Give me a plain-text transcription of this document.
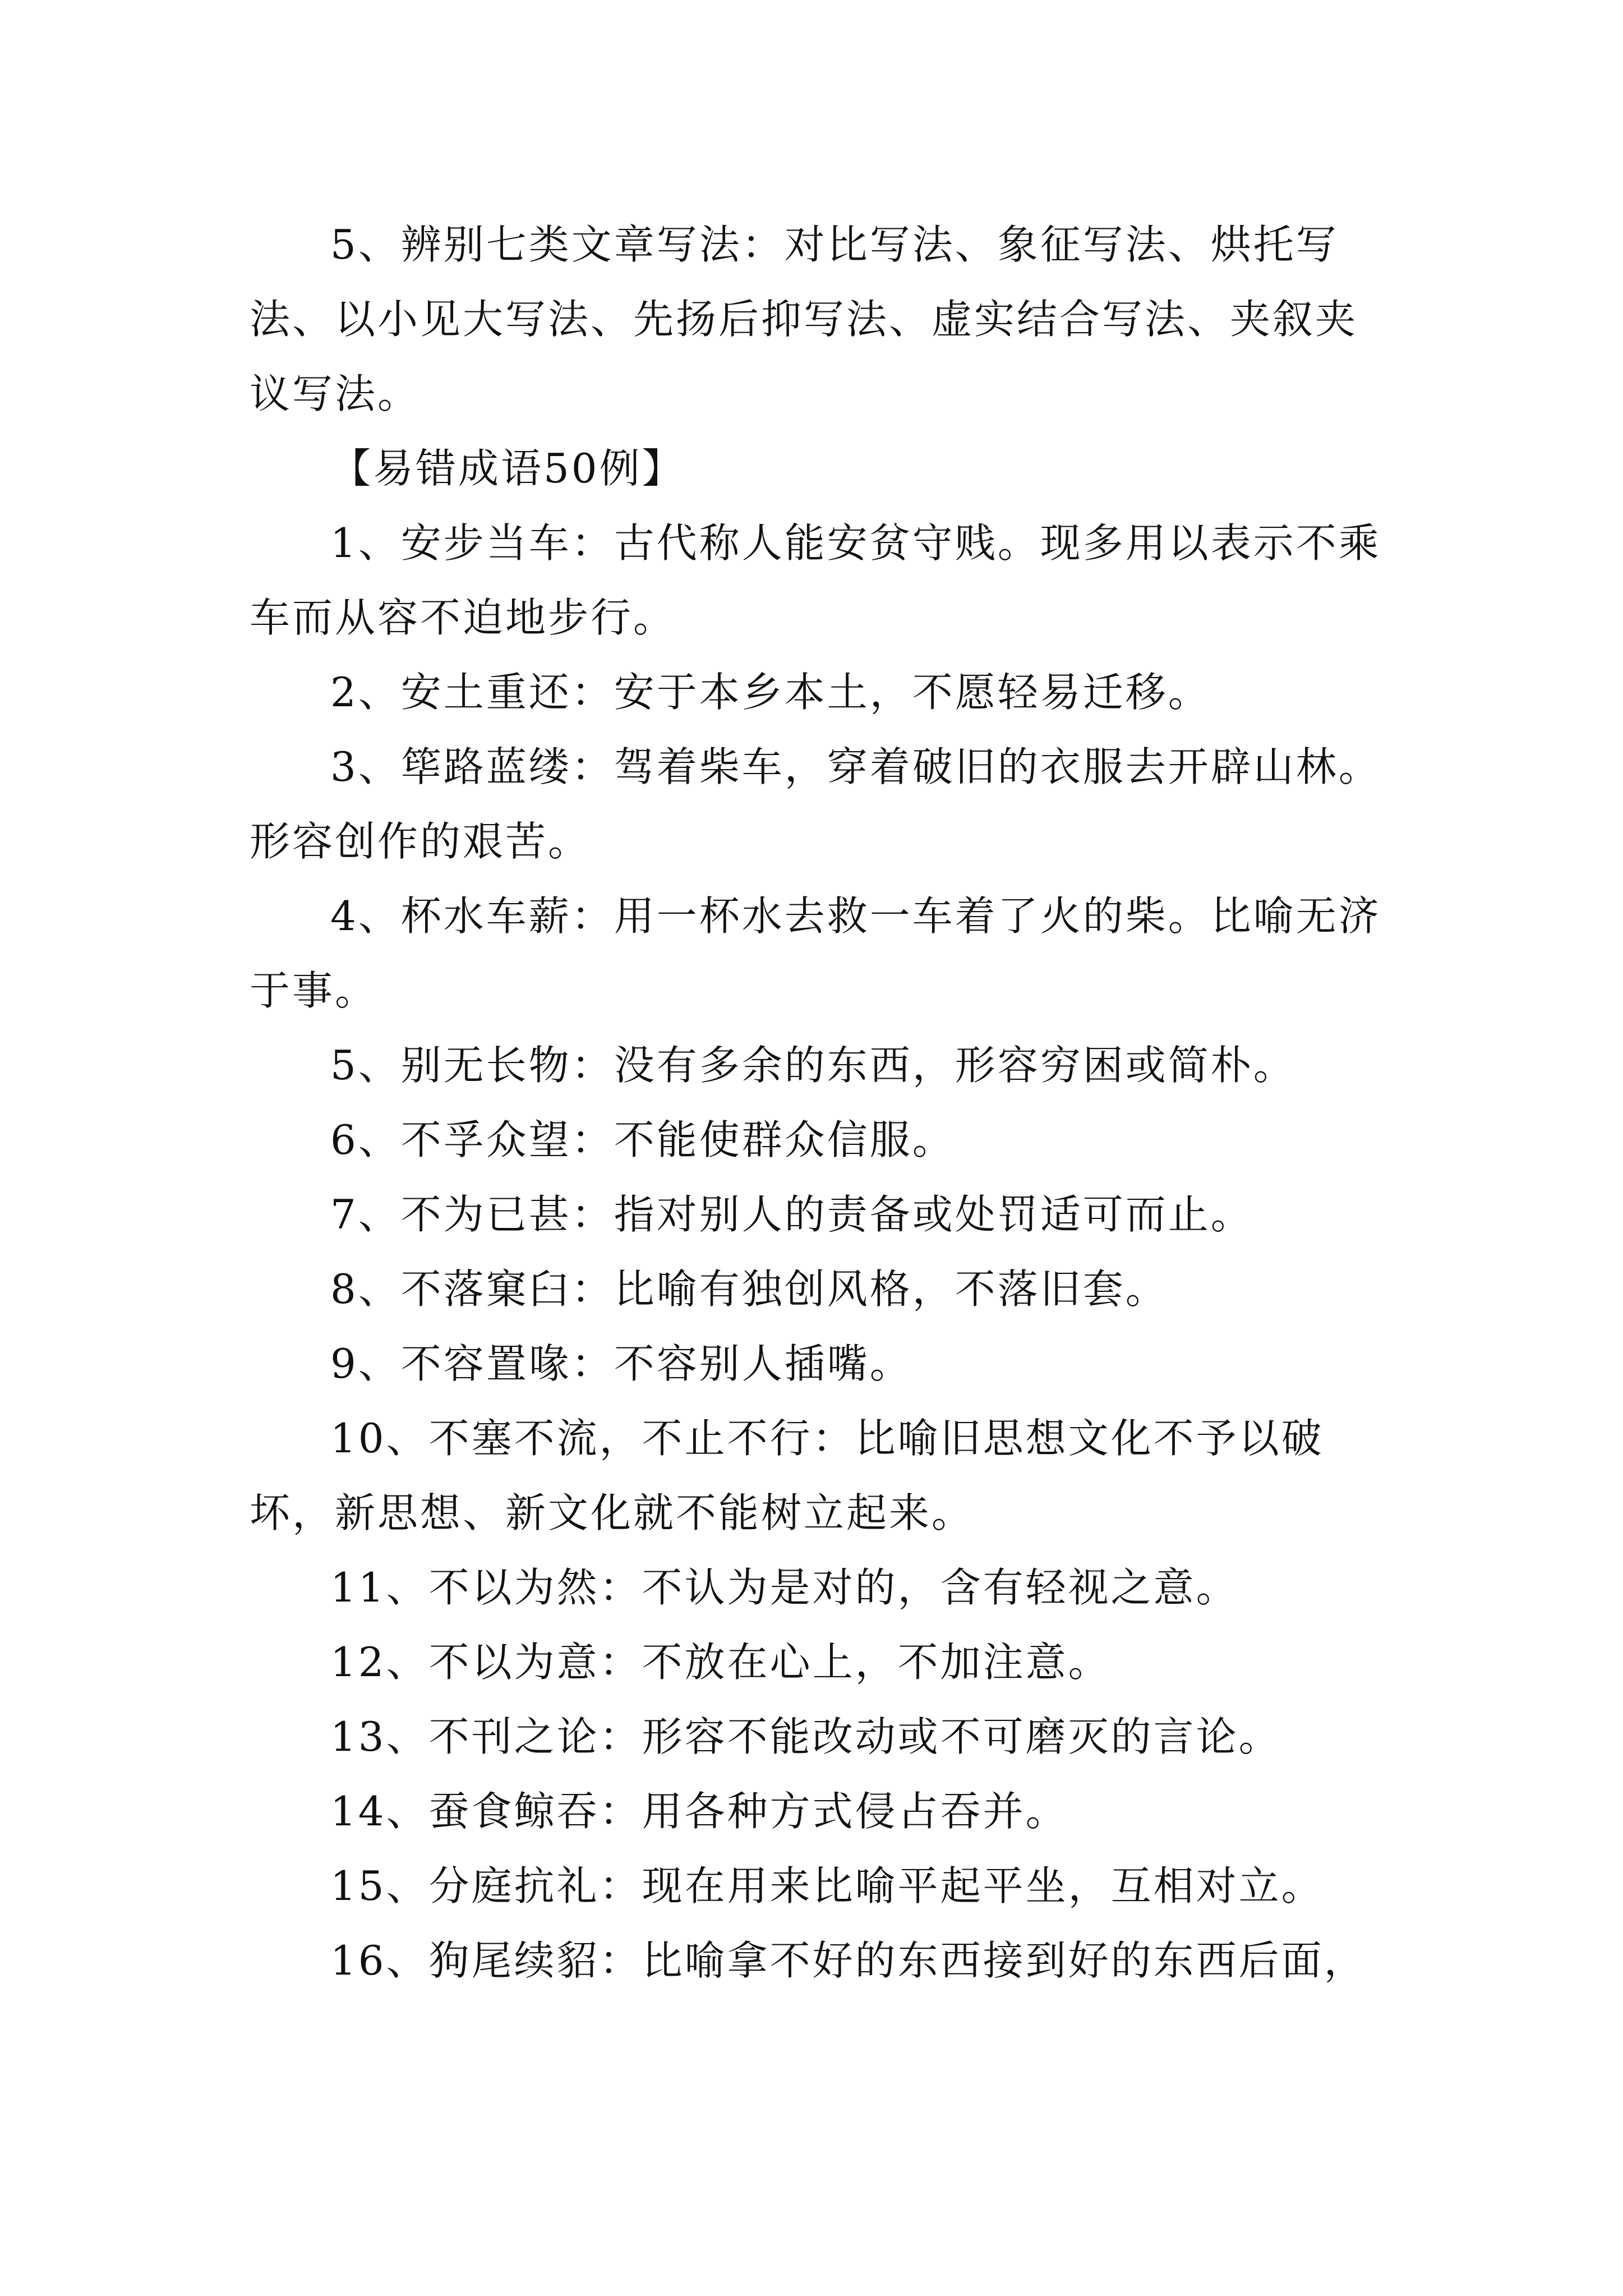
5、辨别七类文章写法：对比写法、象征写法、烘托写法、以小见大写法、先扬后抑写法、虚实结合写法、夹叙夹议写法。

【易错成语50例】

1、安步当车：古代称人能安贫守贱。现多用以表示不乘车而从容不迫地步行。

2、安土重还：安于本乡本土，不愿轻易迁移。

3、筚路蓝缕：驾着柴车，穿着破旧的衣服去开辟山林。形容创作的艰苦。

4、杯水车薪：用一杯水去救一车着了火的柴。比喻无济于事。

5、别无长物：没有多余的东西，形容穷困或简朴。

6、不孚众望：不能使群众信服。

7、不为已甚：指对别人的责备或处罚适可而止。

8、不落窠臼：比喻有独创风格，不落旧套。

9、不容置喙：不容别人插嘴。

10、不塞不流，不止不行：比喻旧思想文化不予以破坏，新思想、新文化就不能树立起来。

11、不以为然：不认为是对的，含有轻视之意。

12、不以为意：不放在心上，不加注意。

13、不刊之论：形容不能改动或不可磨灭的言论。

14、蚕食鲸吞：用各种方式侵占吞并。

15、分庭抗礼：现在用来比喻平起平坐，互相对立。

16、狗尾续貂：比喻拿不好的东西接到好的东西后面，
